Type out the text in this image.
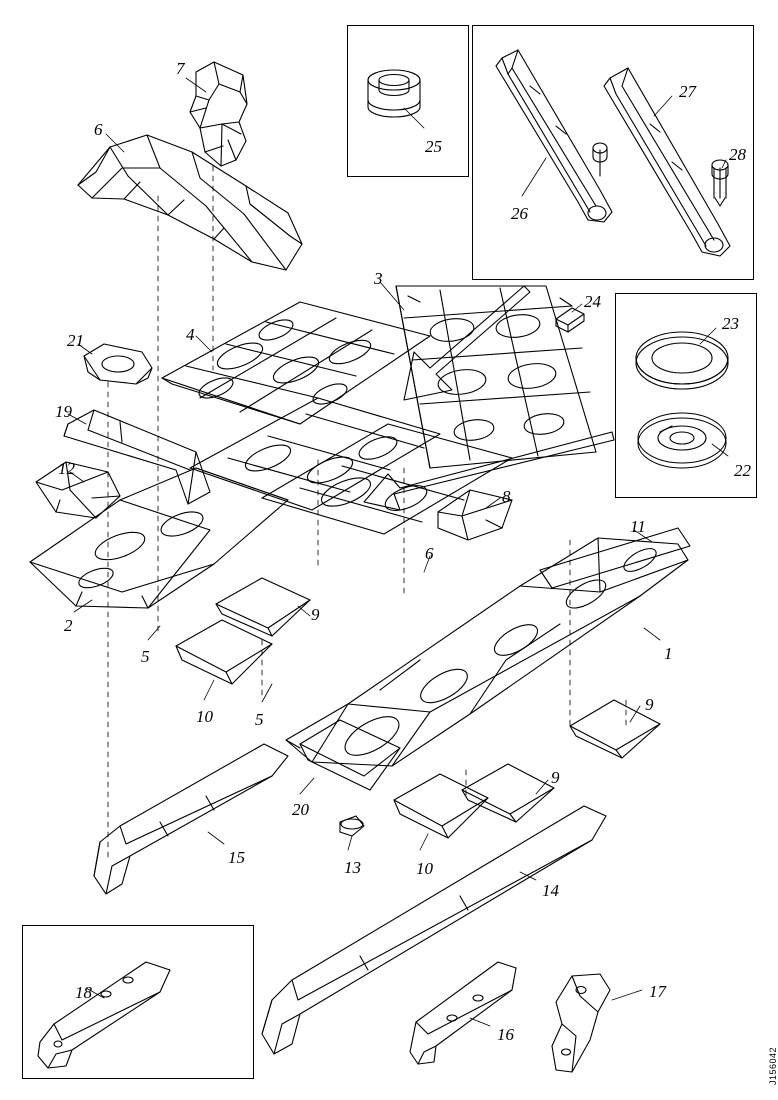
7
6
25
27
28
26
3
24
23
4
21
19
22
12
8
11
6
1
2
9
5
9
10 5
9
20
15
13	10
14
17
18
16
J156042
